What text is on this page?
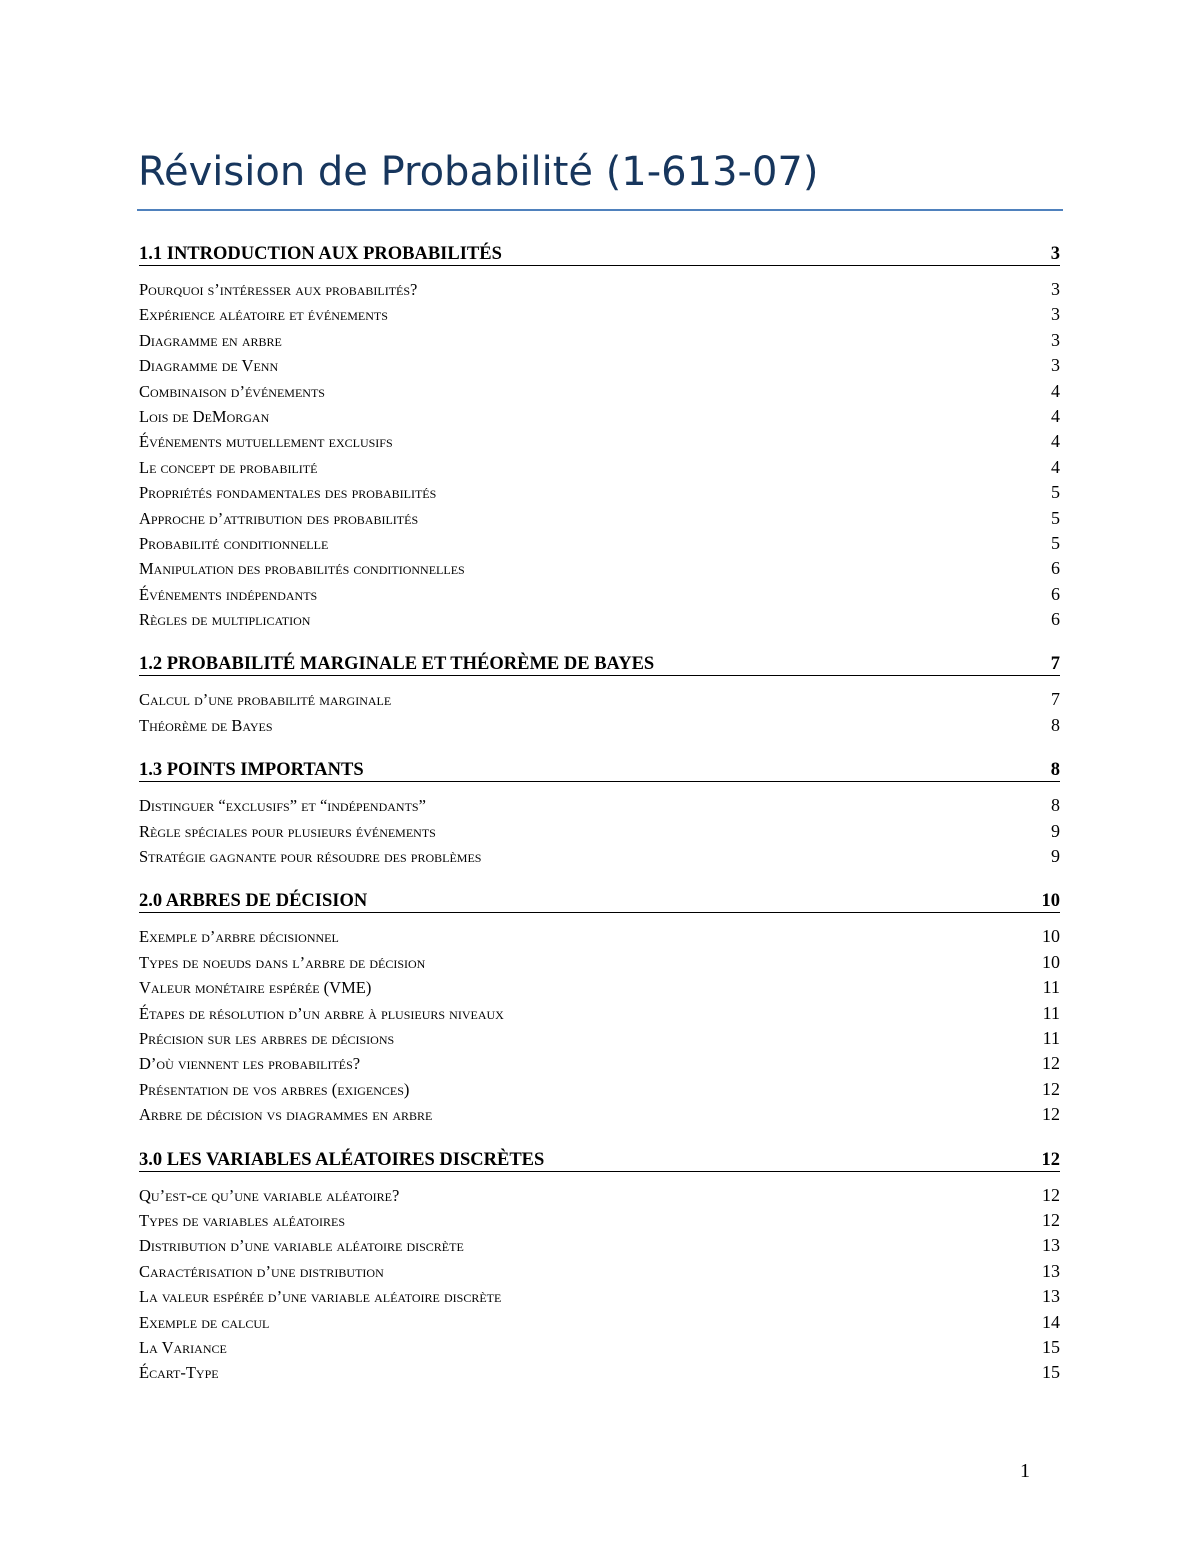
Révision de Probabilité (1-613-07)
1.1 INTRODUCTION AUX PROBABILITÉS	3
Pourquoi s’intéresser aux probabilités?	3
Expérience aléatoire et événements	3
Diagramme en arbre	3
Diagramme de Venn	3
Combinaison d’événements	4
Lois de DeMorgan	4
Événements mutuellement exclusifs	4
Le concept de probabilité	4
Propriétés fondamentales des probabilités	5
Approche d’attribution des probabilités	5
Probabilité conditionnelle	5
Manipulation des probabilités conditionnelles	6
Événements indépendants	6
Règles de multiplication	6
1.2 PROBABILITÉ MARGINALE ET THÉORÈME DE BAYES	7
Calcul d’une probabilité marginale	7
Théorème de Bayes	8
1.3 POINTS IMPORTANTS	8
Distinguer “exclusifs” et “indépendants”	8
Règle spéciales pour plusieurs événements	9
Stratégie gagnante pour résoudre des problèmes	9
2.0 ARBRES DE DÉCISION	10
Exemple d’arbre décisionnel	10
Types de noeuds dans l’arbre de décision	10
Valeur monétaire espérée (VME)	11
Étapes de résolution d’un arbre à plusieurs niveaux	11
Précision sur les arbres de décisions	11
D’où viennent les probabilités?	12
Présentation de vos arbres (exigences)	12
Arbre de décision vs diagrammes en arbre	12
3.0 LES VARIABLES ALÉATOIRES DISCRÈTES	12
Qu’est-ce qu’une variable aléatoire?	12
Types de variables aléatoires	12
Distribution d’une variable aléatoire discrète	13
Caractérisation d’une distribution	13
La valeur espérée d’une variable aléatoire discrète	13
Exemple de calcul	14
La Variance	15
Écart-Type	15
1
